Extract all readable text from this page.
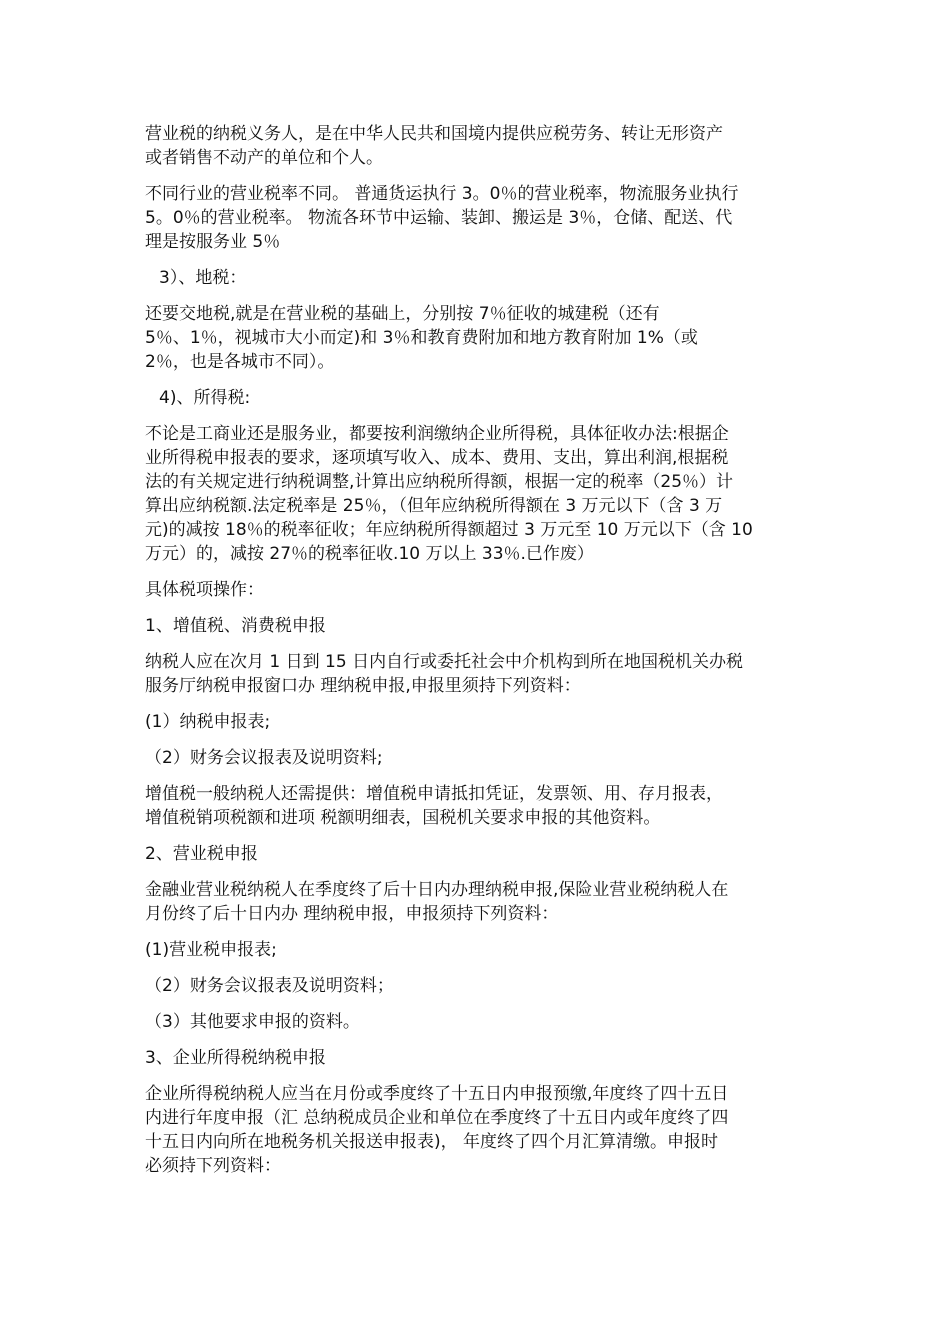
营业税的纳税义务人，是在中华人民共和国境内提供应税劳务、转让无形资产
或者销售不动产的单位和个人。

不同行业的营业税率不同。 普通货运执行 3。0％的营业税率，物流服务业执行
5。0％的营业税率。 物流各环节中运输、装卸、搬运是 3％，仓储、配送、代
理是按服务业 5％

3）、地税：

还要交地税,就是在营业税的基础上，分别按 7％征收的城建税（还有
5％、1％，视城市大小而定)和 3％和教育费附加和地方教育附加 1%（或
2％，也是各城市不同）。

4)、所得税:

不论是工商业还是服务业，都要按利润缴纳企业所得税，具体征收办法:根据企
业所得税申报表的要求，逐项填写收入、成本、费用、支出，算出利润,根据税
法的有关规定进行纳税调整,计算出应纳税所得额，根据一定的税率（25％）计
算出应纳税额.法定税率是 25％，（但年应纳税所得额在 3 万元以下（含 3 万
元)的减按 18％的税率征收；年应纳税所得额超过 3 万元至 10 万元以下（含 10
万元）的，减按 27％的税率征收.10 万以上 33％.已作废）

具体税项操作：

1、增值税、消费税申报

纳税人应在次月 1 日到 15 日内自行或委托社会中介机构到所在地国税机关办税
服务厅纳税申报窗口办 理纳税申报,申报里须持下列资料：

(1）纳税申报表;

（2）财务会议报表及说明资料;

增值税一般纳税人还需提供：增值税申请抵扣凭证，发票领、用、存月报表，
增值税销项税额和进项 税额明细表，国税机关要求申报的其他资料。

2、营业税申报

金融业营业税纳税人在季度终了后十日内办理纳税申报,保险业营业税纳税人在
月份终了后十日内办 理纳税申报，申报须持下列资料：

(1)营业税申报表;

（2）财务会议报表及说明资料；

（3）其他要求申报的资料。

3、企业所得税纳税申报

企业所得税纳税人应当在月份或季度终了十五日内申报预缴,年度终了四十五日
内进行年度申报（汇 总纳税成员企业和单位在季度终了十五日内或年度终了四
十五日内向所在地税务机关报送申报表)， 年度终了四个月汇算清缴。申报时
必须持下列资料：
